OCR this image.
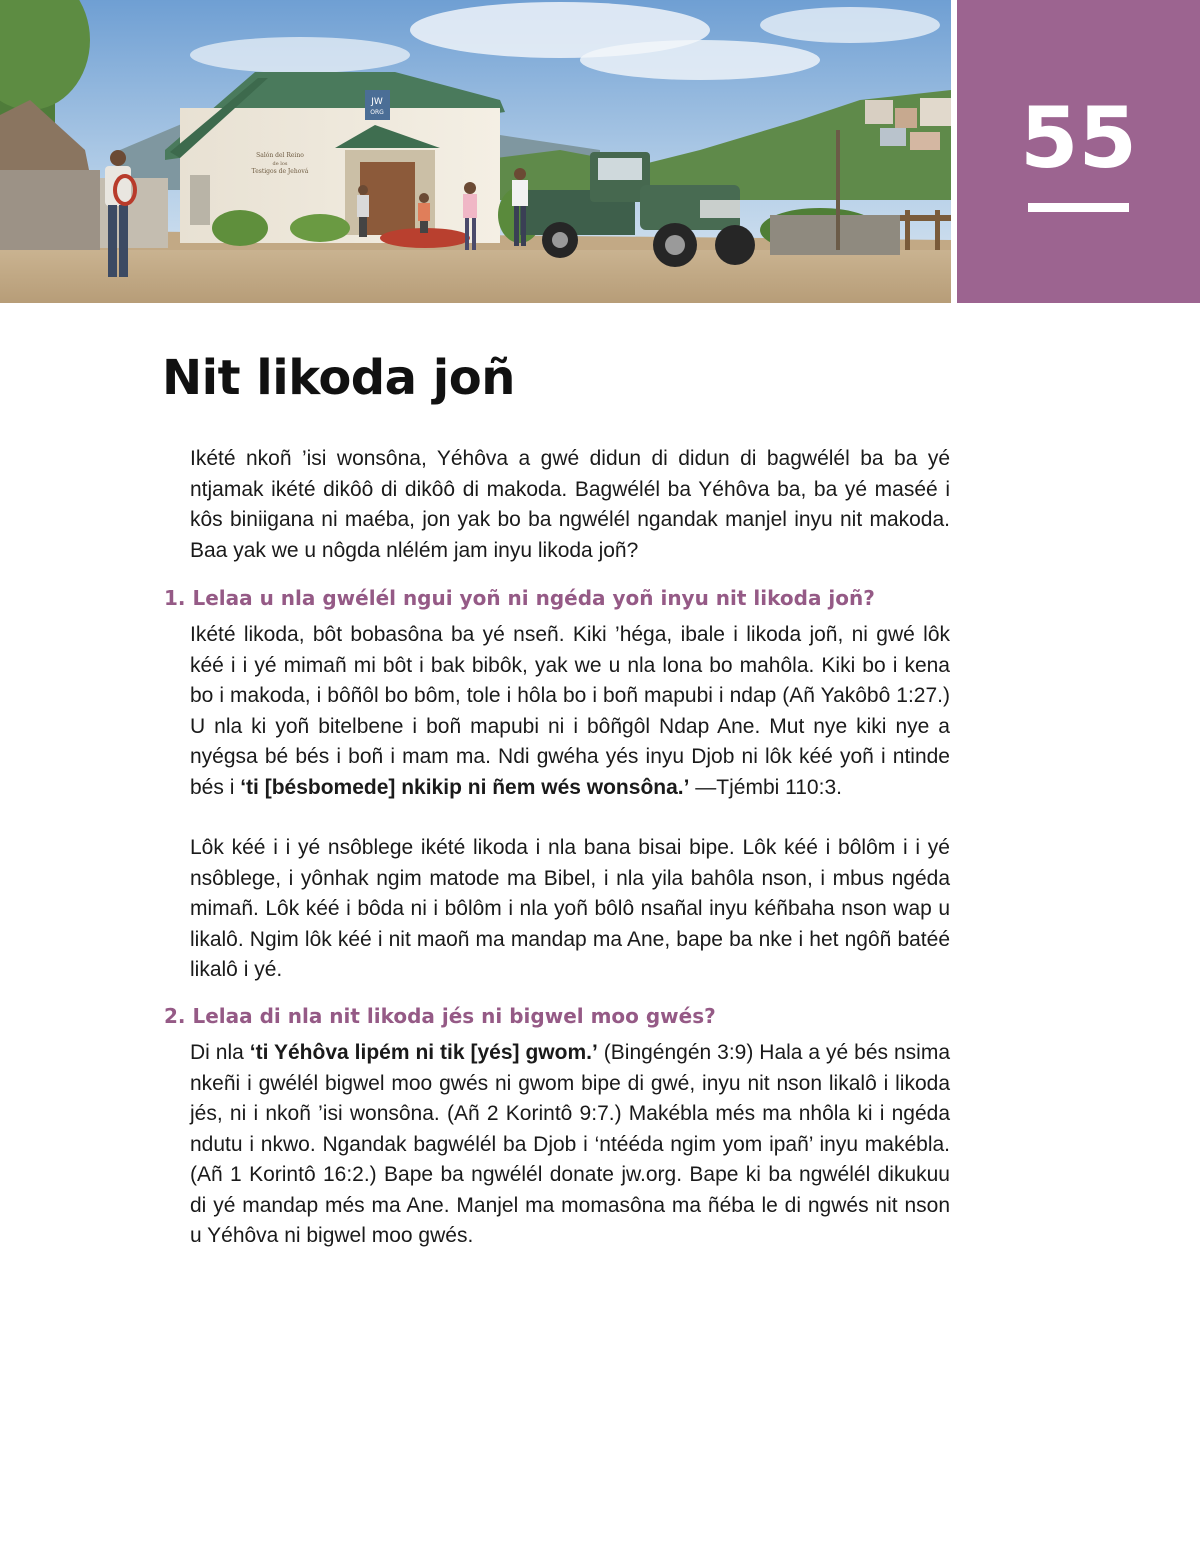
JW
ORG
Salón del Reino
de los
Testigos de Jehová	55
Nit likoda joñ

Ikété nkoñ ’isi wonsôna, Yéhôva a gwé didun di didun di bagwélél ba ba yé ntjamak ikété dikôô di dikôô di makoda. Bagwélél ba Yéhôva ba, ba yé maséé i kôs biniigana ni maéba, jon yak bo ba ngwélél ngandak manjel inyu nit makoda. Baa yak we u nôgda nlélém jam inyu likoda joñ?

1. Lelaa u nla gwélél ngui yoñ ni ngéda yoñ inyu nit likoda joñ?

Ikété likoda, bôt bobasôna ba yé nseñ. Kiki ’héga, ibale i likoda joñ, ni gwé lôk kéé i i yé mimañ mi bôt i bak bibôk, yak we u nla lona bo mahôla. Kiki bo i kena bo i makoda, i bôñôl bo bôm, tole i hôla bo i boñ mapubi i ndap (Añ Yakôbô 1:27.) U nla ki yoñ bitelbene i boñ mapubi ni i bôñgôl Ndap Ane. Mut nye kiki nye a nyégsa bé bés i boñ i mam ma. Ndi gwéha yés inyu Djob ni lôk kéé yoñ i ntinde bés i ‘ti [bésbomede] nkikip ni ñem wés wonsôna.’ —Tjémbi 110:3.

Lôk kéé i i yé nsôblege ikété likoda i nla bana bisai bipe. Lôk kéé i bôlôm i i yé nsôblege, i yônhak ngim matode ma Bibel, i nla yila bahôla nson, i mbus ngéda mimañ. Lôk kéé i bôda ni i bôlôm i nla yoñ bôlô nsañal inyu kéñbaha nson wap u likalô. Ngim lôk kéé i nit maoñ ma mandap ma Ane, bape ba nke i het ngôñ batéé likalô i yé.

2. Lelaa di nla nit likoda jés ni bigwel moo gwés?

Di nla ‘ti Yéhôva lipém ni tik [yés] gwom.’ (Bingéngén 3:9) Hala a yé bés nsima nkeñi i gwélél bigwel moo gwés ni gwom bipe di gwé, inyu nit nson likalô i likoda jés, ni i nkoñ ’isi wonsôna. (Añ 2 Korintô 9:7.) Makébla més ma nhôla ki i ngéda ndutu i nkwo. Ngandak bagwélél ba Djob i ‘ntééda ngim yom ipañ’ inyu makébla. (Añ 1 Korintô 16:2.) Bape ba ngwélél donate jw.org. Bape ki ba ngwélél dikukuu di yé mandap més ma Ane. Manjel ma momasôna ma ñéba le di ngwés nit nson u Yéhôva ni bigwel moo gwés.
